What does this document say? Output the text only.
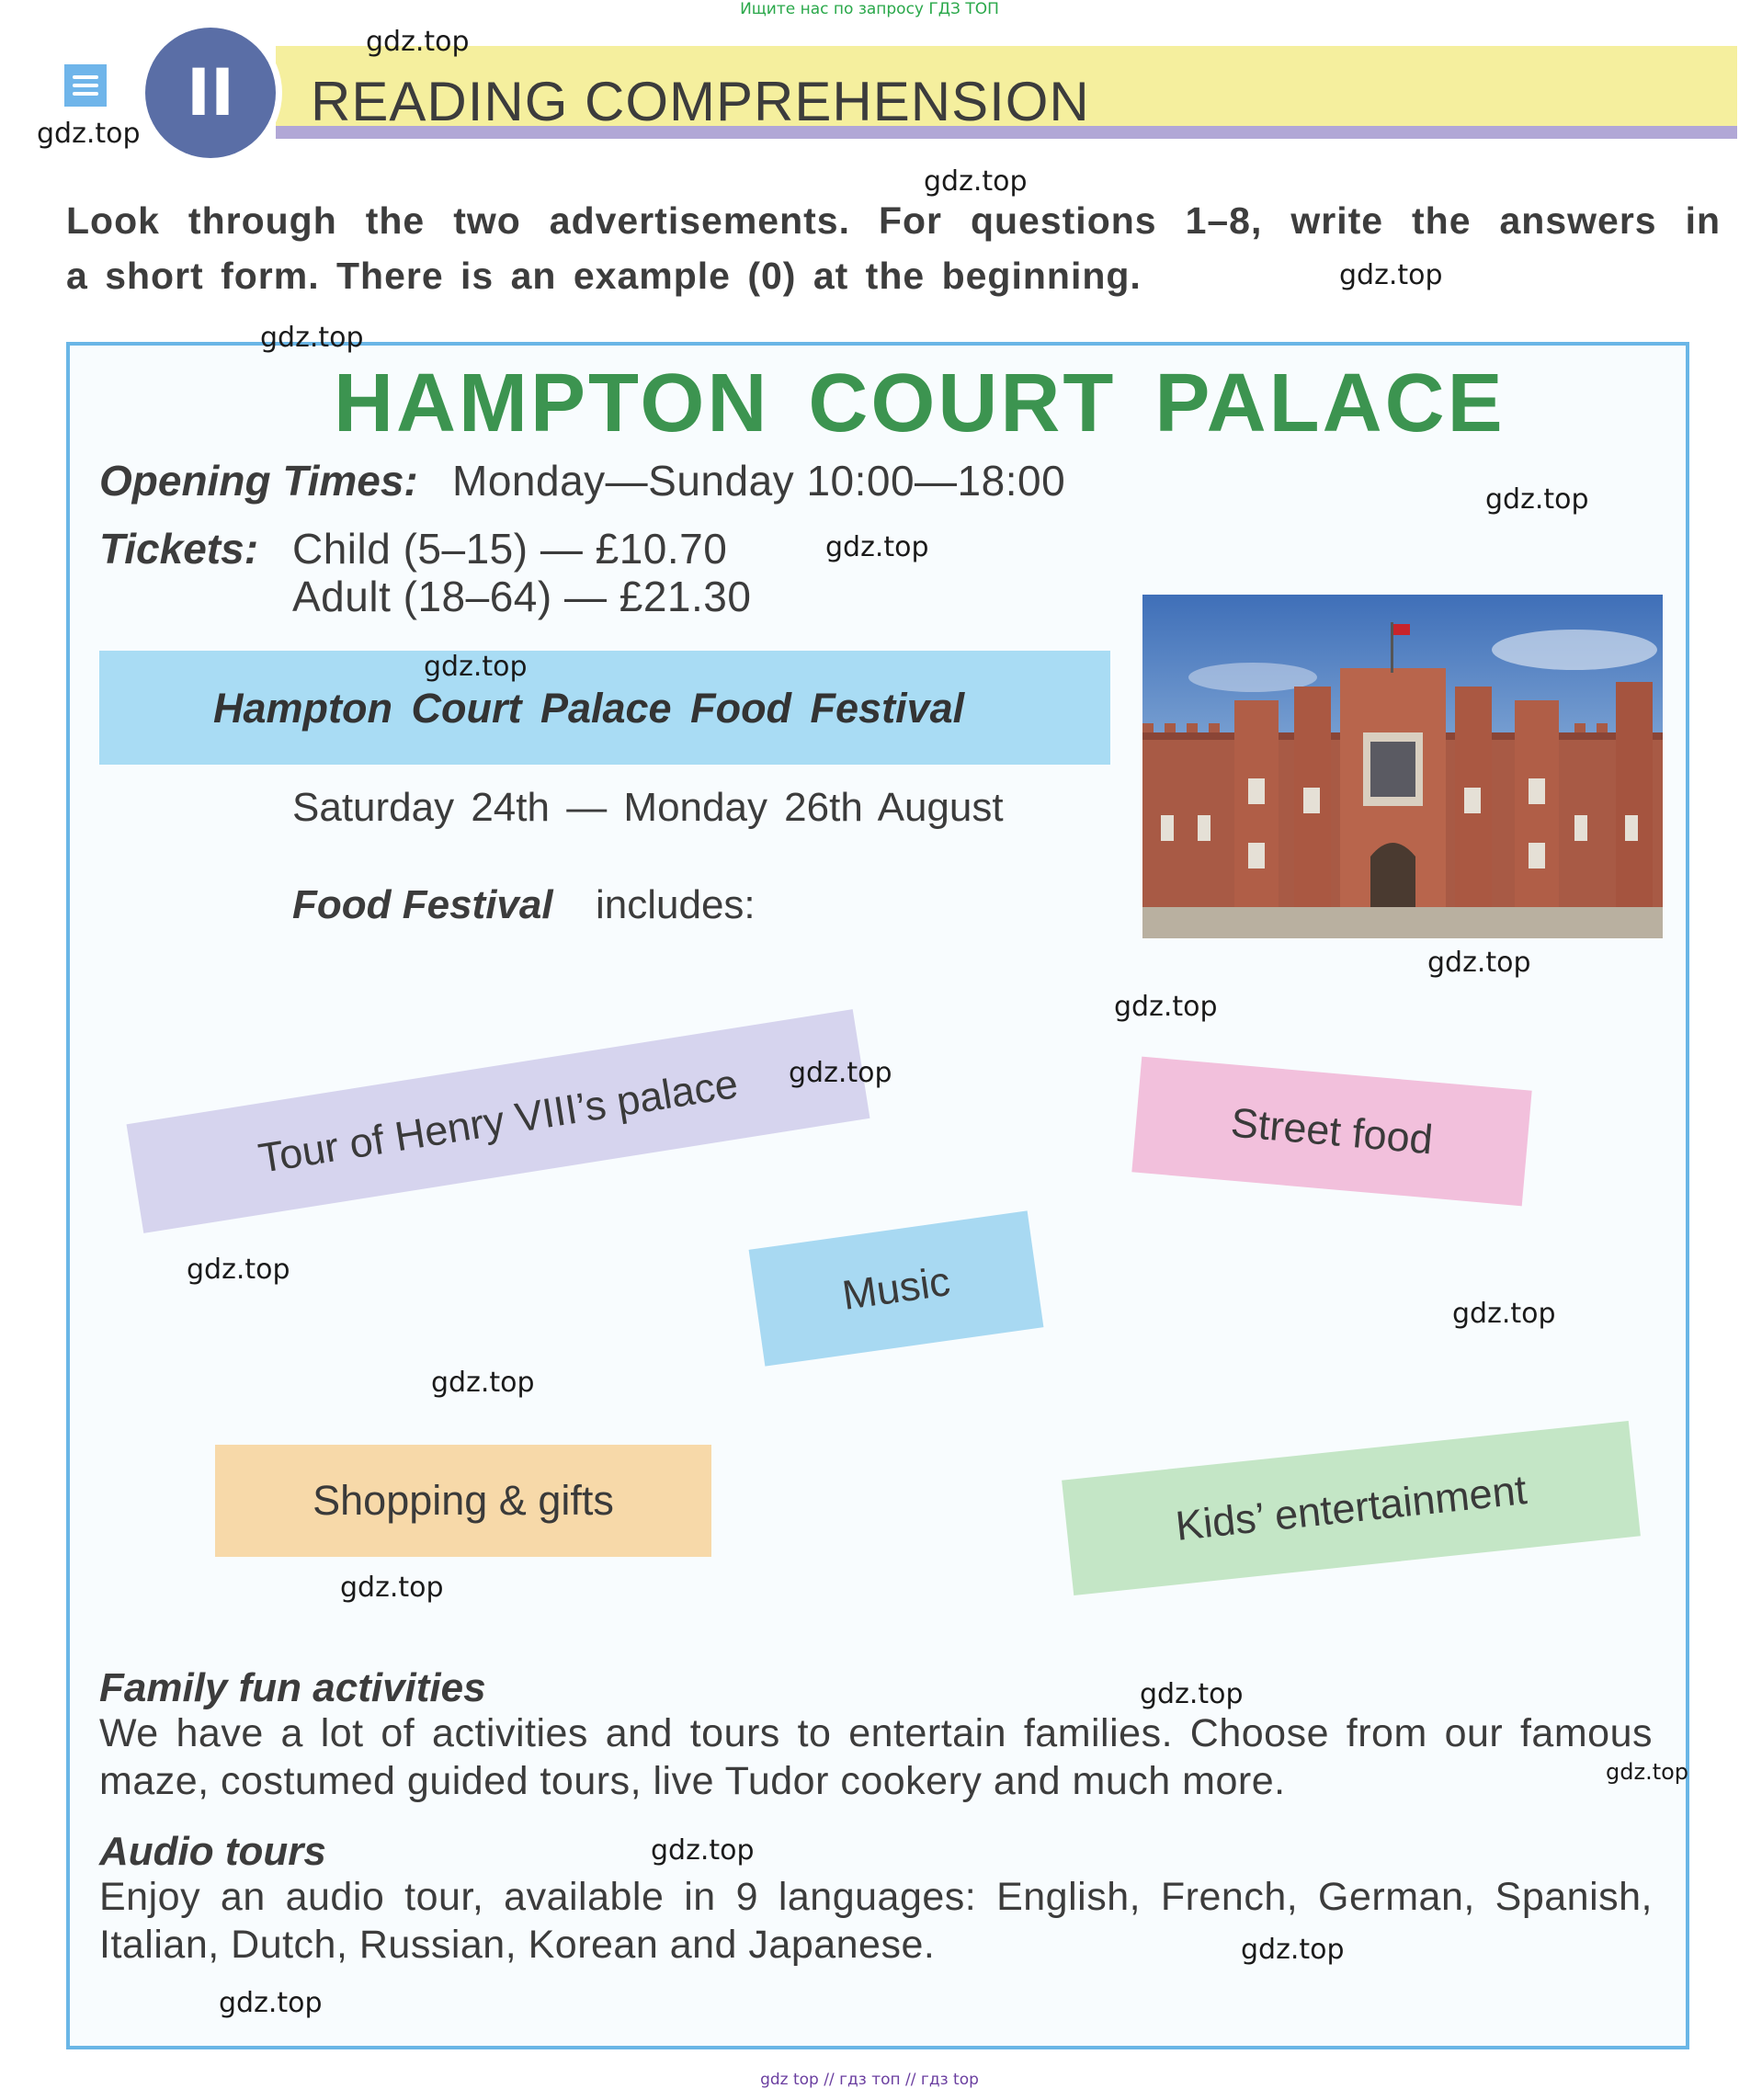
Ищите нас по запросу ГДЗ ТОП
II	READING COMPREHENSION
Look through the two advertisements. For questions 1–8, write the answers in
a short form. There is an example (0) at the beginning.
HAMPTON COURT PALACE
Opening Times: Monday—Sunday 10:00—18:00
Tickets: Child (5–15) — £10.70
Adult (18–64) — £21.30
Hampton Court Palace Food Festival
Saturday 24th — Monday 26th August
Food Festival includes:
Tour of Henry VIII’s palace	Street food
Music
Shopping & gifts	Kids’ entertainment
Family fun activities
We have a lot of activities and tours to entertain families. Choose from our famous maze, costumed guided tours, live Tudor cookery and much more.
Audio tours
Enjoy an audio tour, available in 9 languages: English, French, German, Spanish, Italian, Dutch, Russian, Korean and Japanese.
gdz.top
gdz.top
gdz.top
gdz.top
gdz.top
gdz.top
gdz.top
gdz.top
gdz.top
gdz.top
gdz.top
gdz.top
gdz.top
gdz.top
gdz.top
gdz.top
gdz.top
gdz.top
gdz.top
gdz.top
gdz top // гдз топ // гдз top
